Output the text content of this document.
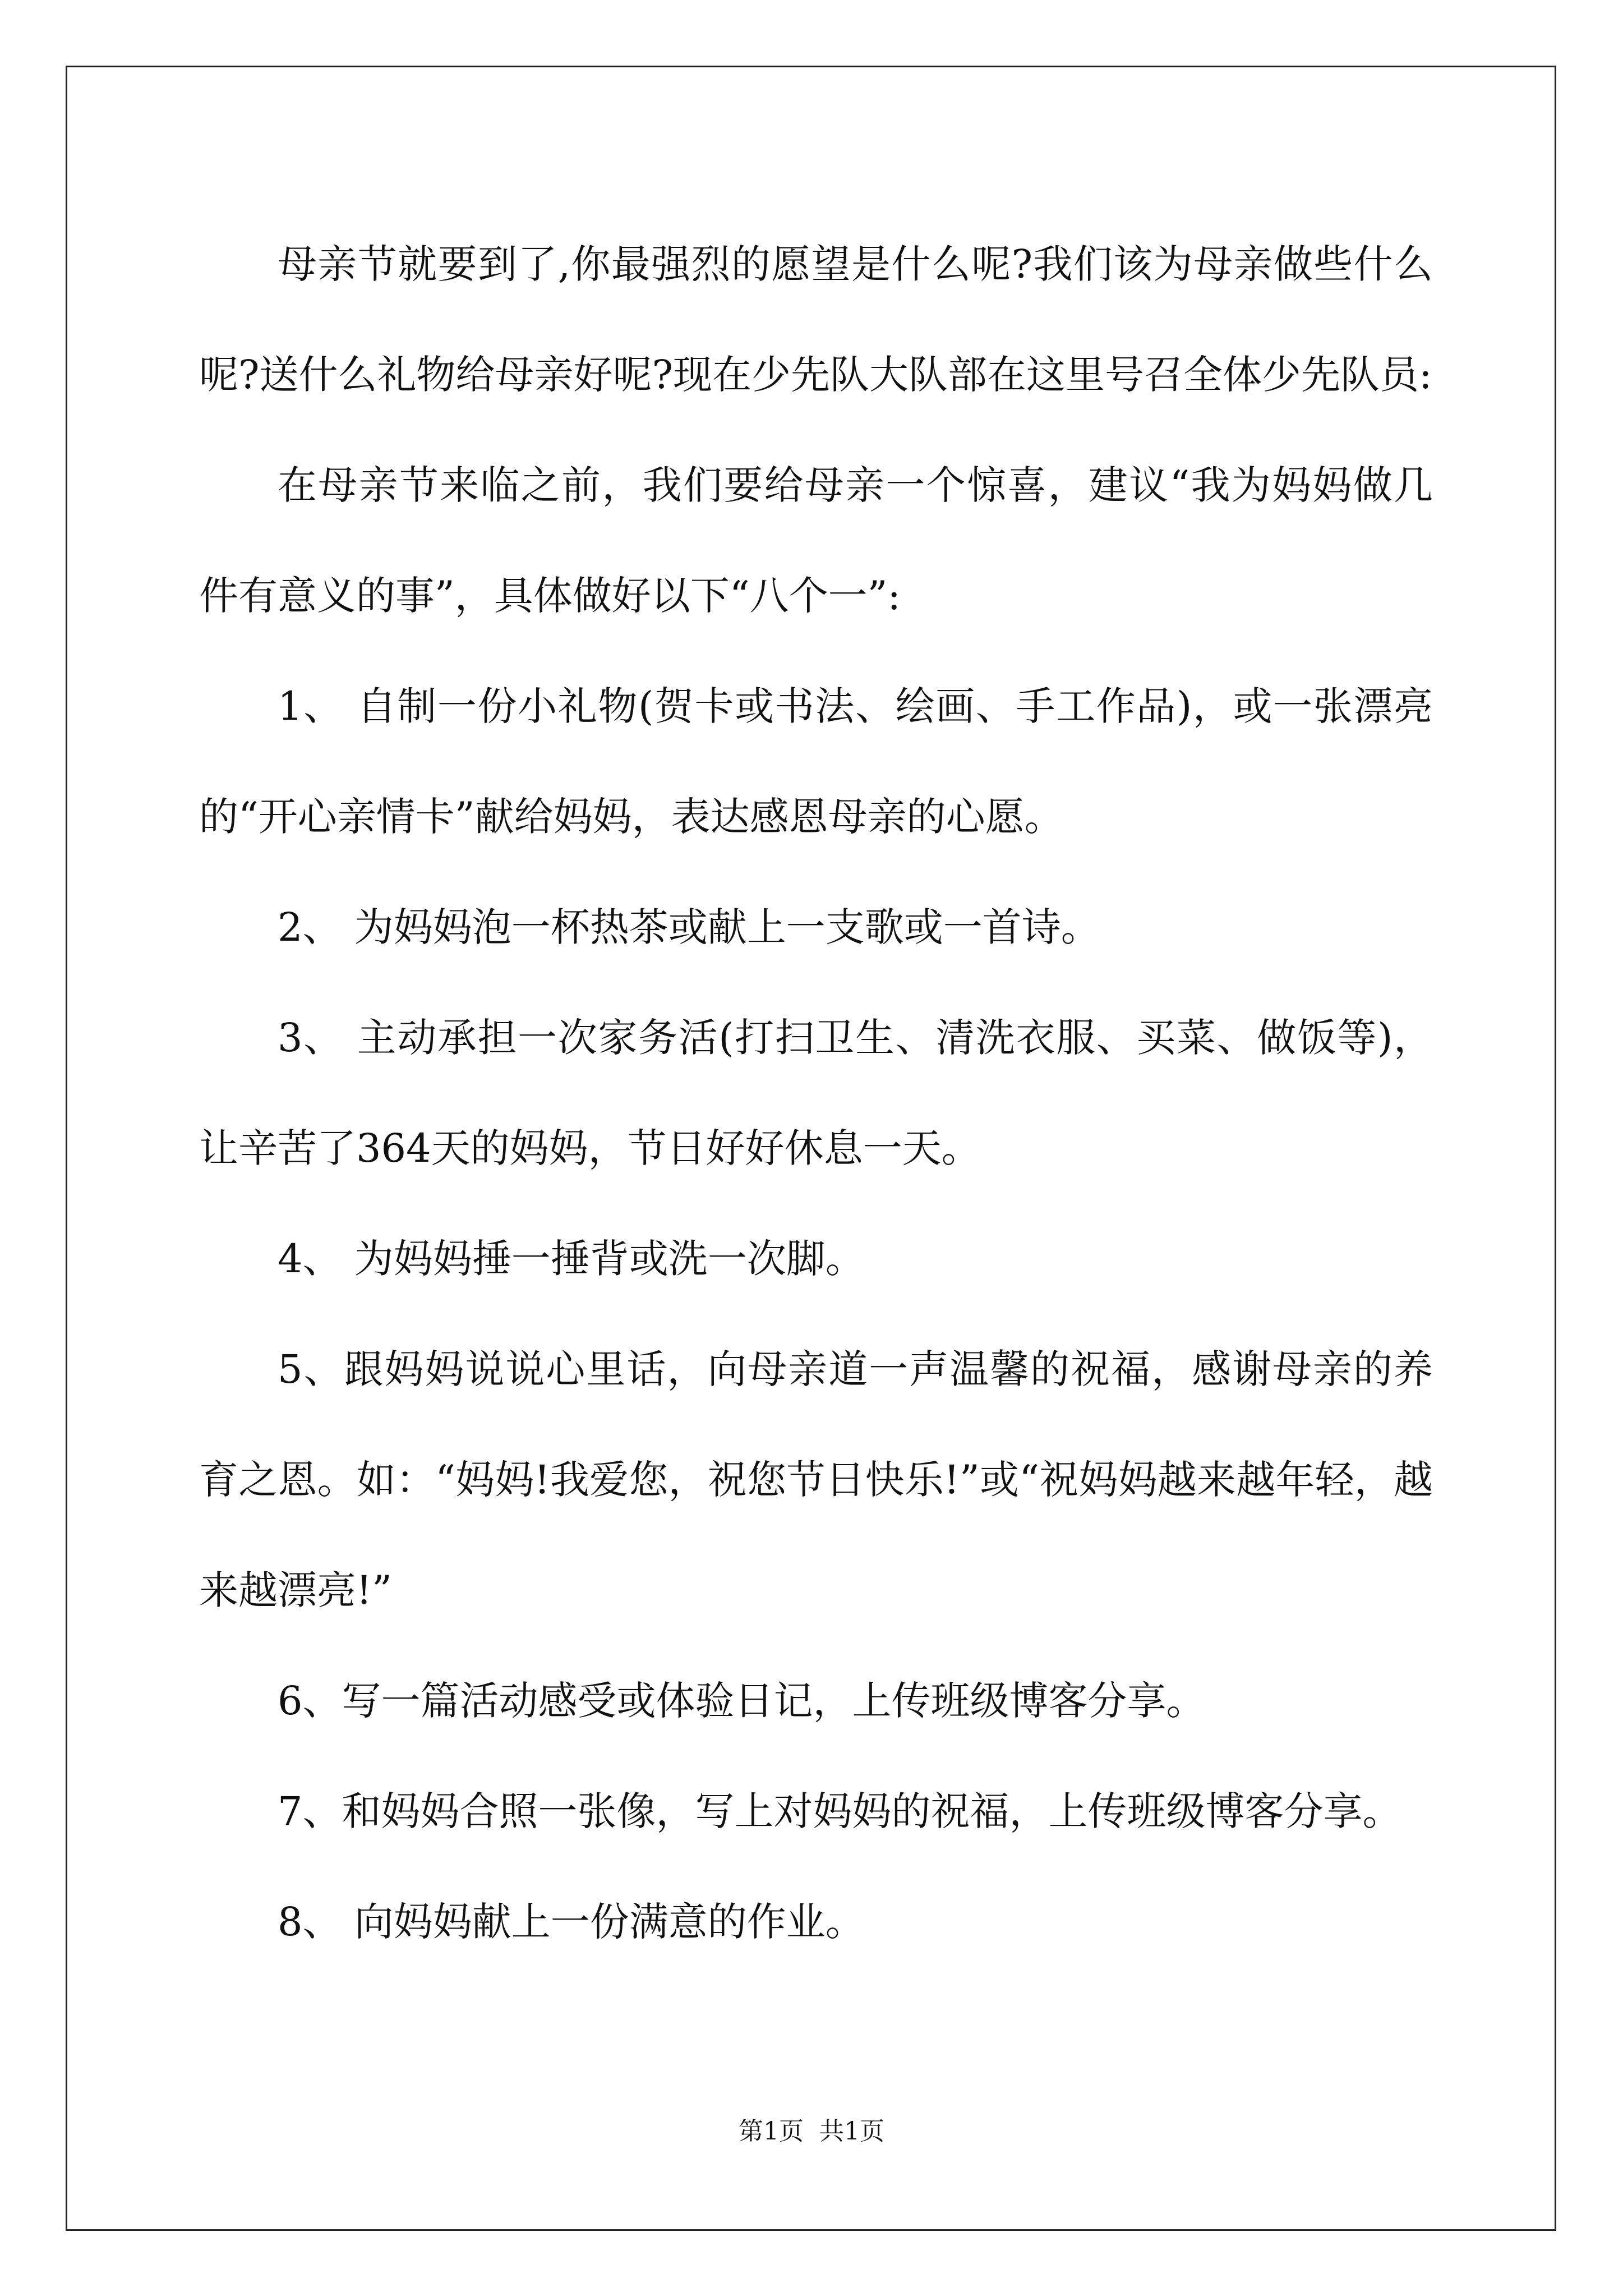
母亲节就要到了,你最强烈的愿望是什么呢?我们该为母亲做些什么呢?送什么礼物给母亲好呢?现在少先队大队部在这里号召全体少先队员:

在母亲节来临之前，我们要给母亲一个惊喜，建议“我为妈妈做几件有意义的事”，具体做好以下“八个一”:

1、 自制一份小礼物(贺卡或书法、绘画、手工作品)，或一张漂亮的“开心亲情卡”献给妈妈，表达感恩母亲的心愿。

2、 为妈妈泡一杯热茶或献上一支歌或一首诗。

3、 主动承担一次家务活(打扫卫生、清洗衣服、买菜、做饭等)，让辛苦了364天的妈妈，节日好好休息一天。

4、 为妈妈捶一捶背或洗一次脚。

5、跟妈妈说说心里话，向母亲道一声温馨的祝福，感谢母亲的养育之恩。如：“妈妈!我爱您，祝您节日快乐!”或“祝妈妈越来越年轻，越来越漂亮!”

6、写一篇活动感受或体验日记，上传班级博客分享。

7、和妈妈合照一张像，写上对妈妈的祝福，上传班级博客分享。

8、 向妈妈献上一份满意的作业。

第1页  共1页
